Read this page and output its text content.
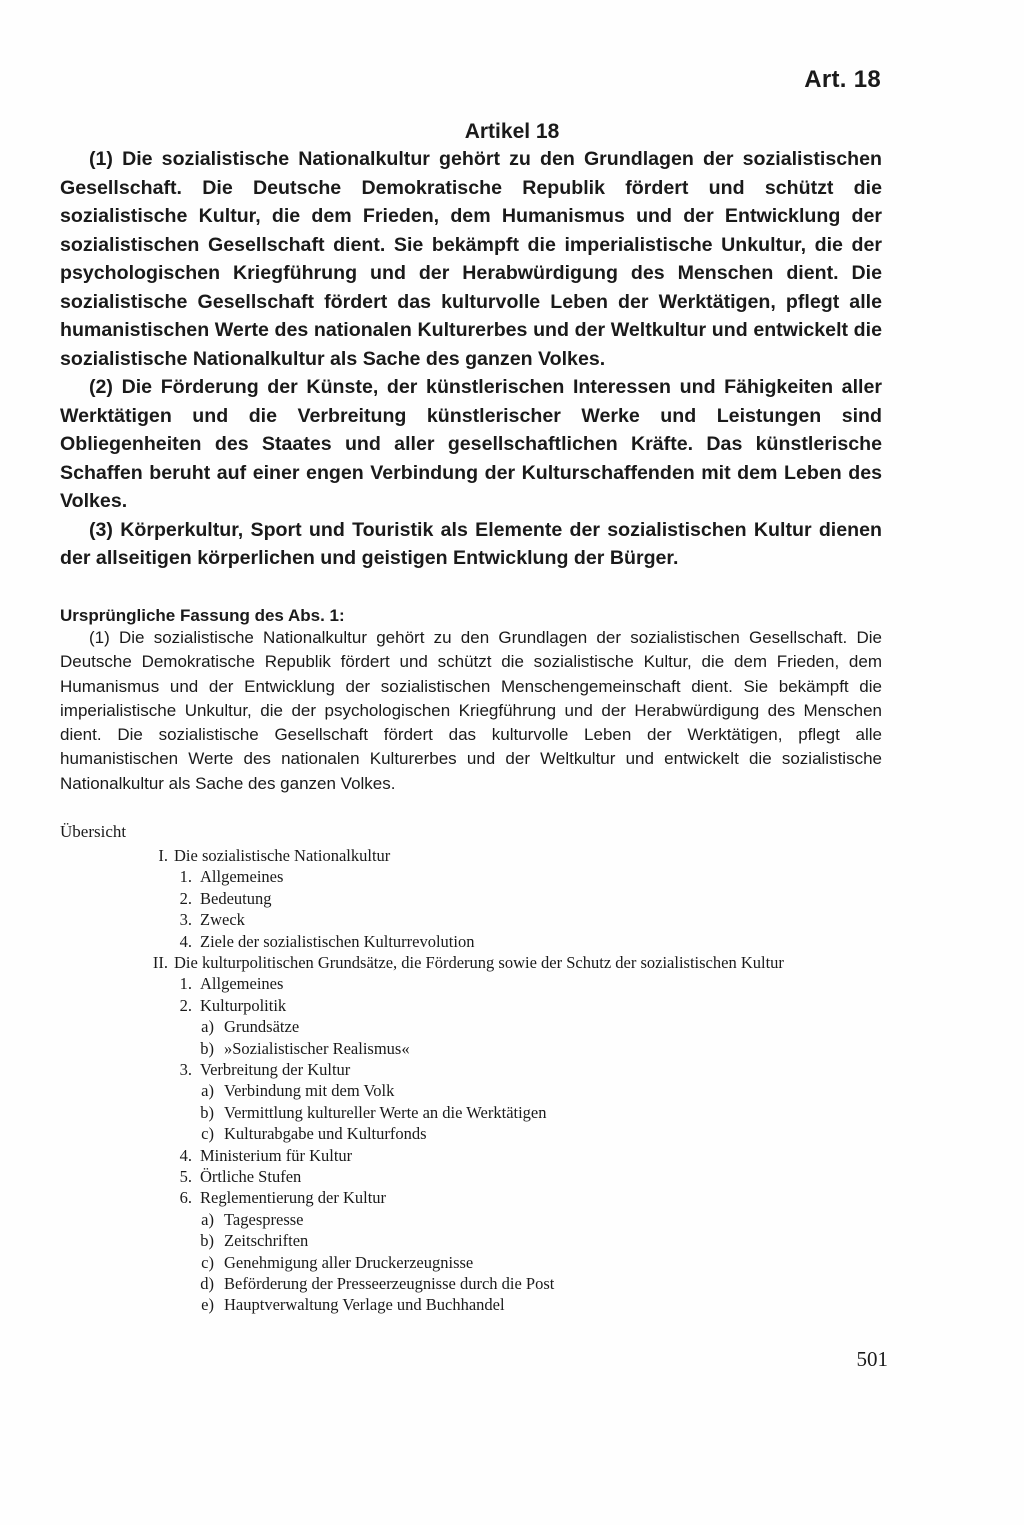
Art. 18
Artikel 18

(1) Die sozialistische Nationalkultur gehört zu den Grundlagen der sozialistischen Gesellschaft. Die Deutsche Demokratische Republik fördert und schützt die sozialistische Kultur, die dem Frieden, dem Humanismus und der Entwicklung der sozialistischen Gesellschaft dient. Sie bekämpft die imperialistische Unkultur, die der psychologischen Kriegführung und der Herabwürdigung des Menschen dient. Die sozialistische Gesellschaft fördert das kulturvolle Leben der Werktätigen, pflegt alle humanistischen Werte des nationalen Kulturerbes und der Weltkultur und entwickelt die sozialistische Nationalkultur als Sache des ganzen Volkes.

(2) Die Förderung der Künste, der künstlerischen Interessen und Fähigkeiten aller Werktätigen und die Verbreitung künstlerischer Werke und Leistungen sind Obliegenheiten des Staates und aller gesellschaftlichen Kräfte. Das künstlerische Schaffen beruht auf einer engen Verbindung der Kulturschaffenden mit dem Leben des Volkes.

(3) Körperkultur, Sport und Touristik als Elemente der sozialistischen Kultur dienen der allseitigen körperlichen und geistigen Entwicklung der Bürger.

Ursprüngliche Fassung des Abs. 1:

(1) Die sozialistische Nationalkultur gehört zu den Grundlagen der sozialistischen Gesellschaft. Die Deutsche Demokratische Republik fördert und schützt die sozialistische Kultur, die dem Frieden, dem Humanismus und der Entwicklung der sozialistischen Menschengemeinschaft dient. Sie bekämpft die imperialistische Unkultur, die der psychologischen Kriegführung und der Herabwürdigung des Menschen dient. Die sozialistische Gesellschaft fördert das kulturvolle Leben der Werktätigen, pflegt alle humanistischen Werte des nationalen Kulturerbes und der Weltkultur und entwickelt die sozialistische Nationalkultur als Sache des ganzen Volkes.

Übersicht
I. Die sozialistische Nationalkultur
1. Allgemeines
2. Bedeutung
3. Zweck
4. Ziele der sozialistischen Kulturrevolution
II. Die kulturpolitischen Grundsätze, die Förderung sowie der Schutz der sozialistischen Kultur
1. Allgemeines
2. Kulturpolitik
a) Grundsätze
b) »Sozialistischer Realismus«
3. Verbreitung der Kultur
a) Verbindung mit dem Volk
b) Vermittlung kultureller Werte an die Werktätigen
c) Kulturabgabe und Kulturfonds
4. Ministerium für Kultur
5. Örtliche Stufen
6. Reglementierung der Kultur
a) Tagespresse
b) Zeitschriften
c) Genehmigung aller Druckerzeugnisse
d) Beförderung der Presseerzeugnisse durch die Post
e) Hauptverwaltung Verlage und Buchhandel
501
